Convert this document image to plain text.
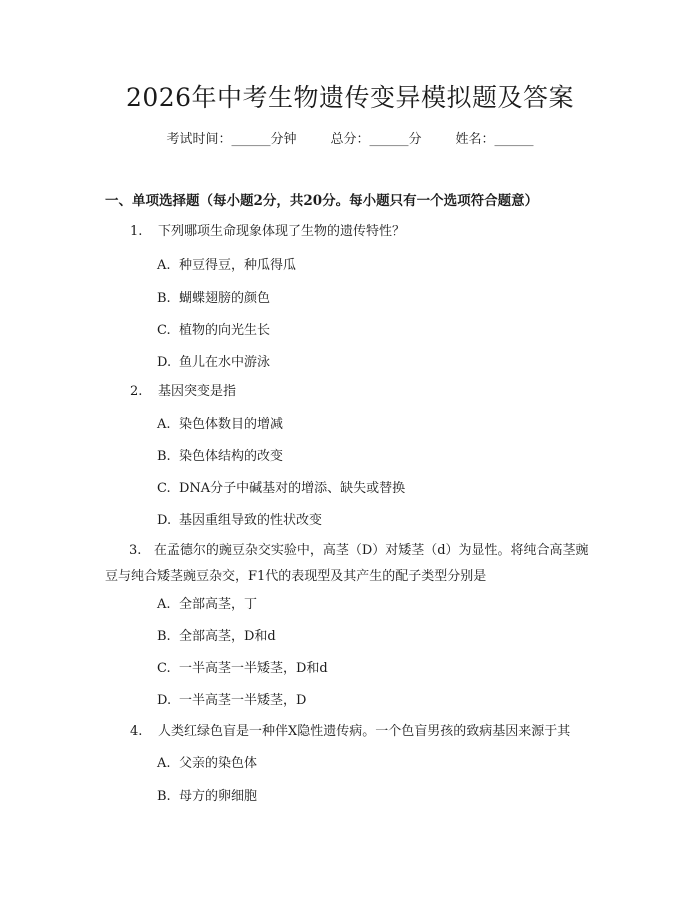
2026年中考生物遗传变异模拟题及答案
考试时间：______分钟	总分：______分	姓名：______
一、单项选择题（每小题2分，共20分。每小题只有一个选项符合题意）
1. 下列哪项生命现象体现了生物的遗传特性？
A. 种豆得豆，种瓜得瓜
B. 蝴蝶翅膀的颜色
C. 植物的向光生长
D. 鱼儿在水中游泳
2. 基因突变是指
A. 染色体数目的增减
B. 染色体结构的改变
C. DNA分子中碱基对的增添、缺失或替换
D. 基因重组导致的性状改变
3. 在孟德尔的豌豆杂交实验中，高茎（D）对矮茎（d）为显性。将纯合高茎豌豆与纯合矮茎豌豆杂交，F1代的表现型及其产生的配子类型分别是
A. 全部高茎，丁
B. 全部高茎，D和d
C. 一半高茎一半矮茎，D和d
D. 一半高茎一半矮茎，D
4. 人类红绿色盲是一种伴X隐性遗传病。一个色盲男孩的致病基因来源于其
A. 父亲的染色体
B. 母方的卵细胞
